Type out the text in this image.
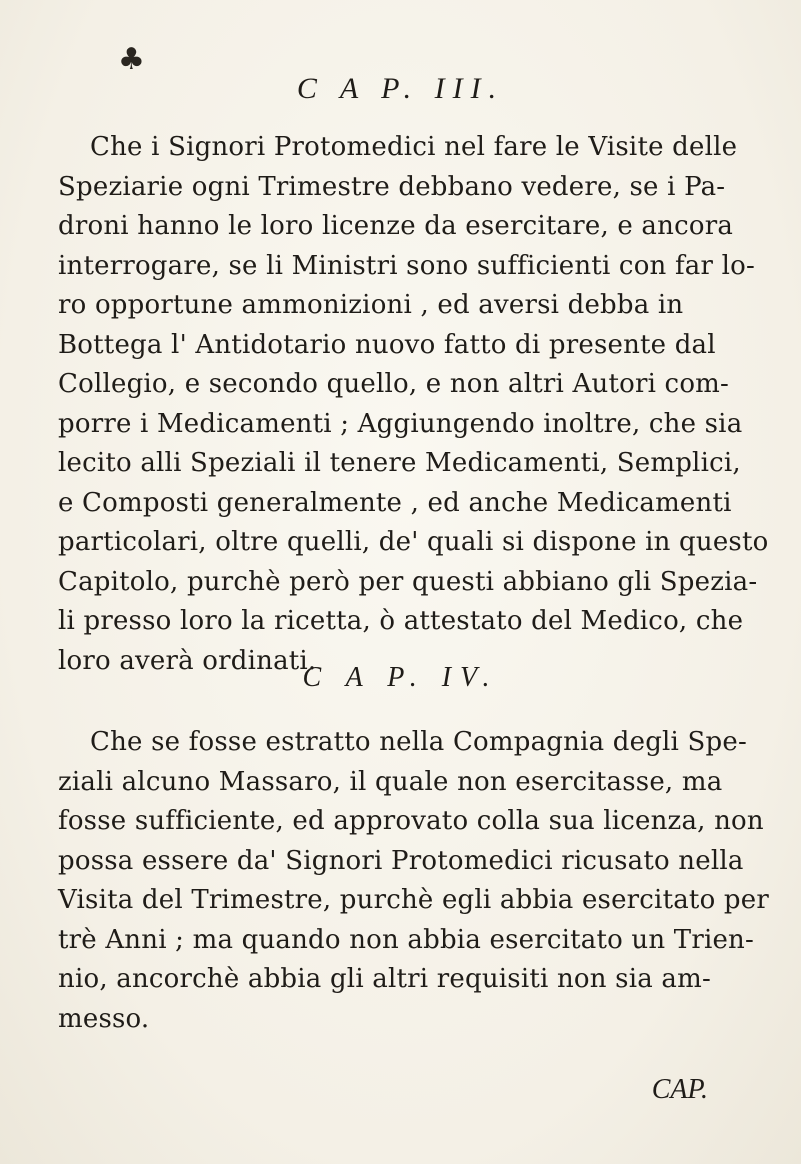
♣
C A P. III.
Che i Signori Protomedici nel fare le Visite delle
Speziarie ogni Trimestre debbano vedere, se i Pa-
droni hanno le loro licenze da esercitare, e ancora
interrogare, se li Ministri sono sufficienti con far lo-
ro opportune ammonizioni , ed aversi debba in
Bottega l' Antidotario nuovo fatto di presente dal
Collegio, e secondo quello, e non altri Autori com-
porre i Medicamenti ; Aggiungendo inoltre, che sia
lecito alli Speziali il tenere Medicamenti, Semplici,
e Composti generalmente , ed anche Medicamenti
particolari, oltre quelli, de' quali si dispone in questo
Capitolo, purchè però per questi abbiano gli Spezia-
li presso loro la ricetta, ò attestato del Medico, che
loro averà ordinati.
C A P. IV.
Che se fosse estratto nella Compagnia degli Spe-
ziali alcuno Massaro, il quale non esercitasse, ma
fosse sufficiente, ed approvato colla sua licenza, non
possa essere da' Signori Protomedici ricusato nella
Visita del Trimestre, purchè egli abbia esercitato per
trè Anni ; ma quando non abbia esercitato un Trien-
nio, ancorchè abbia gli altri requisiti non sia am-
messo.
CAP.
